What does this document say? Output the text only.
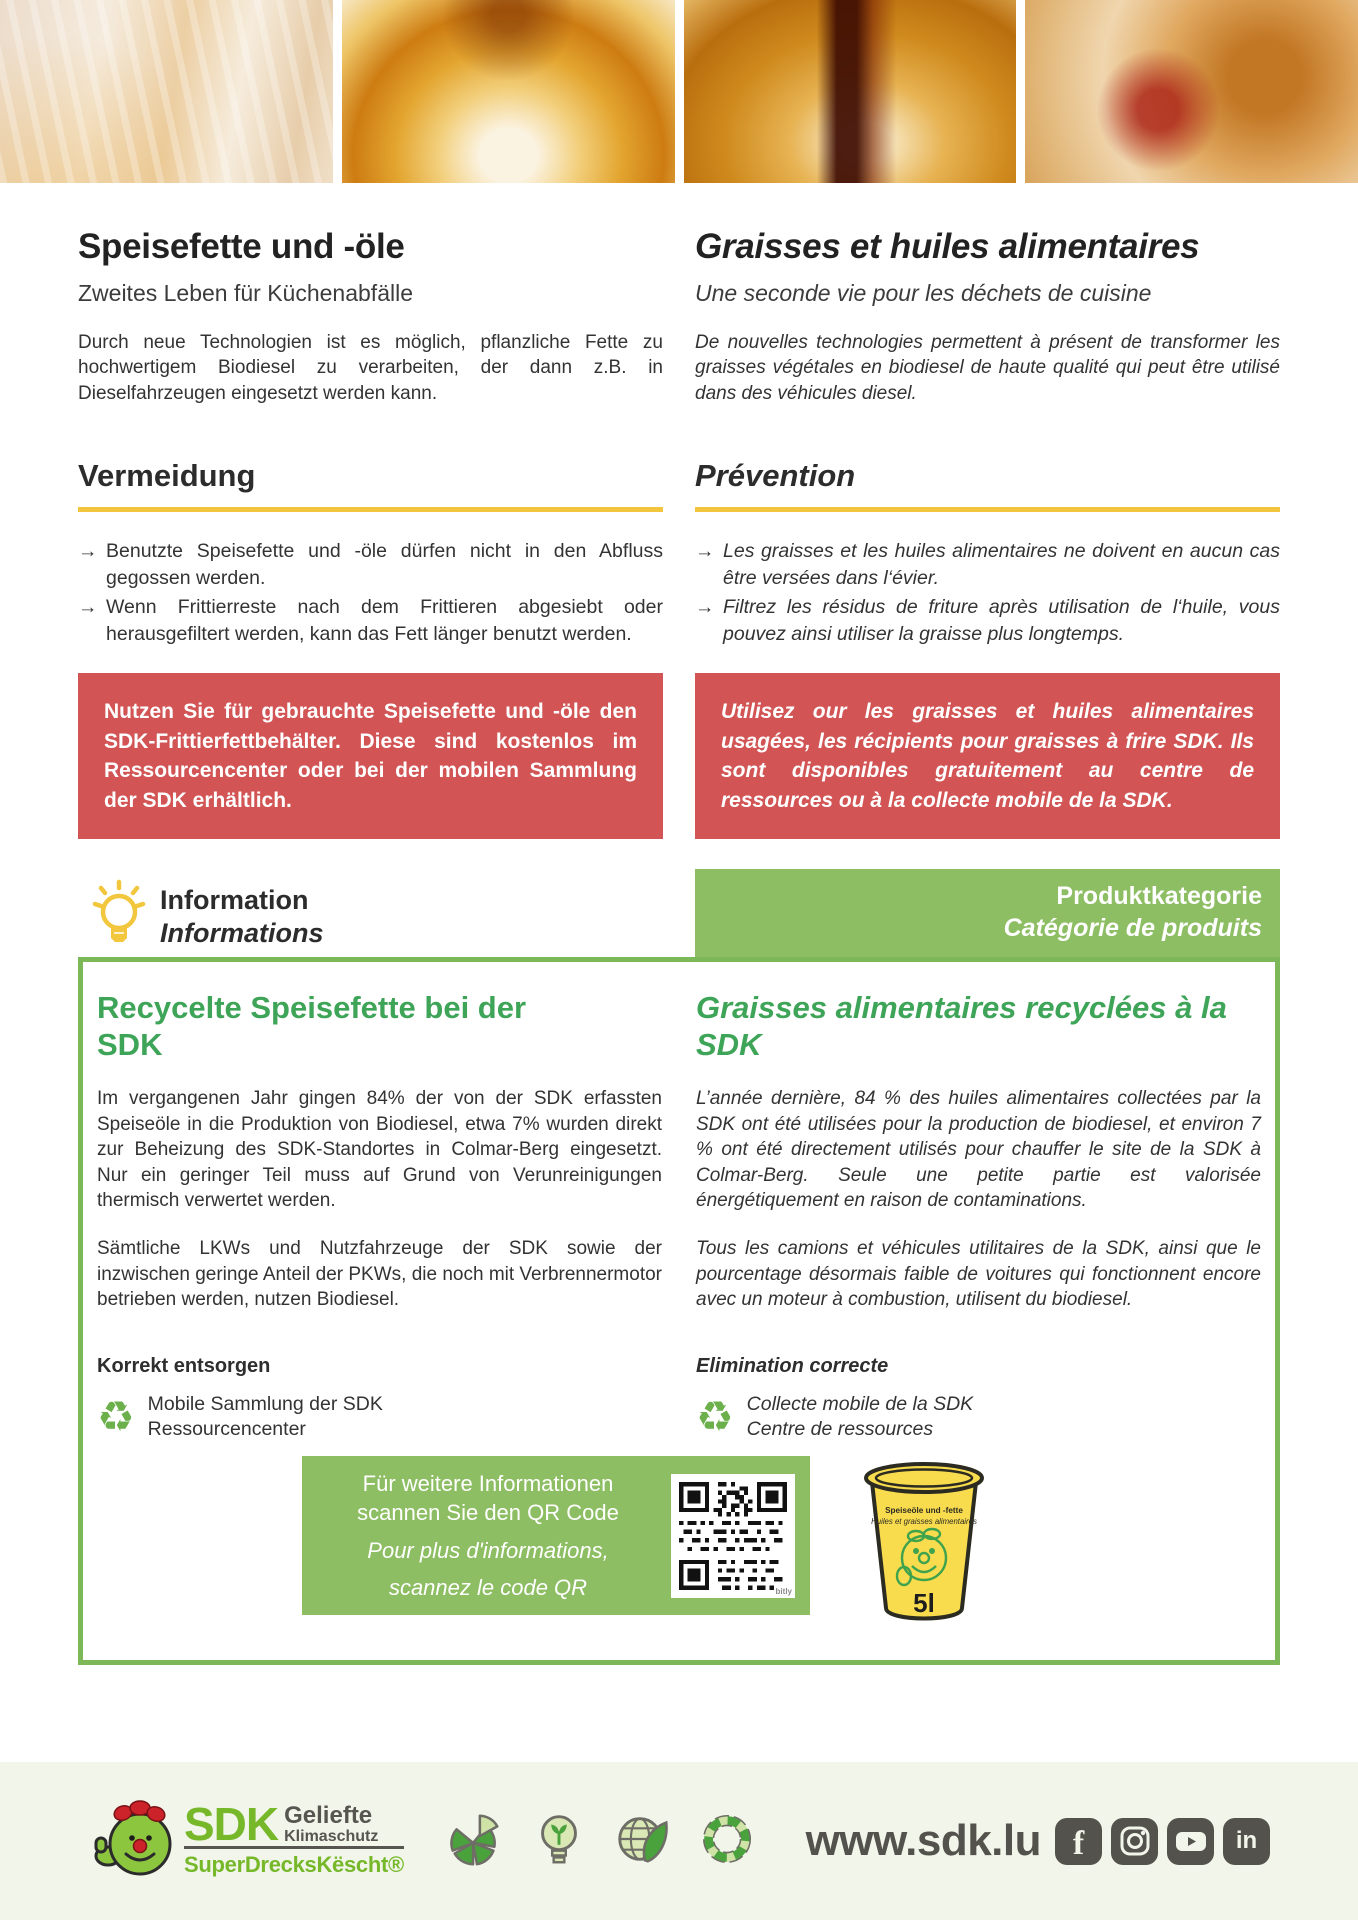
Speisefette und -öle
Zweites Leben für Küchenabfälle
Durch neue Technologien ist es möglich, pflanzliche Fette zu hochwertigem Biodiesel zu verarbeiten, der dann z.B. in Dieselfahrzeugen eingesetzt werden kann.
Graisses et huiles alimentaires
Une seconde vie pour les déchets de cuisine
De nouvelles technologies permettent à présent de transformer les graisses végétales en biodiesel de haute qualité qui peut être utilisé dans des véhicules diesel.
Vermeidung
→ Benutzte Speisefette und -öle dürfen nicht in den Abfluss gegossen werden.
→ Wenn Frittierreste nach dem Frittieren abgesiebt oder herausgefiltert werden, kann das Fett länger benutzt werden.
Prévention
→ Les graisses et les huiles alimentaires ne doivent en aucun cas être versées dans l‘évier.
→ Filtrez les résidus de friture après utilisation de l‘huile, vous pouvez ainsi utiliser la graisse plus longtemps.
Nutzen Sie für gebrauchte Speisefette und -öle den SDK-Frittierfettbehälter. Diese sind kostenlos im Ressourcencenter oder bei der mobilen Sammlung der SDK erhältlich.
Utilisez our les graisses et huiles alimentaires usagées, les récipients pour graisses à frire SDK. Ils sont disponibles gratuitement au centre de ressources ou à la collecte mobile de la SDK.
Information
Informations
Produktkategorie
Catégorie de produits
Recycelte Speisefette bei der SDK
Im vergangenen Jahr gingen 84% der von der SDK erfassten Speiseöle in die Produktion von Biodiesel, etwa 7% wurden direkt zur Beheizung des SDK-Standortes in Colmar-Berg eingesetzt. Nur ein geringer Teil muss auf Grund von Verunreinigungen thermisch verwertet werden.
Sämtliche LKWs und Nutzfahrzeuge der SDK sowie der inzwischen geringe Anteil der PKWs, die noch mit Verbrennermotor betrieben werden, nutzen Biodiesel.
Korrekt entsorgen
♻ Mobile Sammlung der SDK
Ressourcencenter
Graisses alimentaires recyclées à la SDK
L’année dernière, 84 % des huiles alimentaires collectées par la SDK ont été utilisées pour la production de biodiesel, et environ 7 % ont été directement utilisés pour chauffer le site de la SDK à Colmar-Berg. Seule une petite partie est valorisée énergétiquement en raison de contaminations.
Tous les camions et véhicules utilitaires de la SDK, ainsi que le pourcentage désormais faible de voitures qui fonctionnent encore avec un moteur à combustion, utilisent du biodiesel.
Elimination correcte
♻ Collecte mobile de la SDK
Centre de ressources
Für weitere Informationen
scannen Sie den QR Code
Pour plus d'informations,
scannez le code QR	bitly
Speiseöle und -fette
Huiles et graisses alimentaires
5l
SDK Geliefte
Klimaschutz
SuperDrecksKëscht®	www.sdk.lu f	in
